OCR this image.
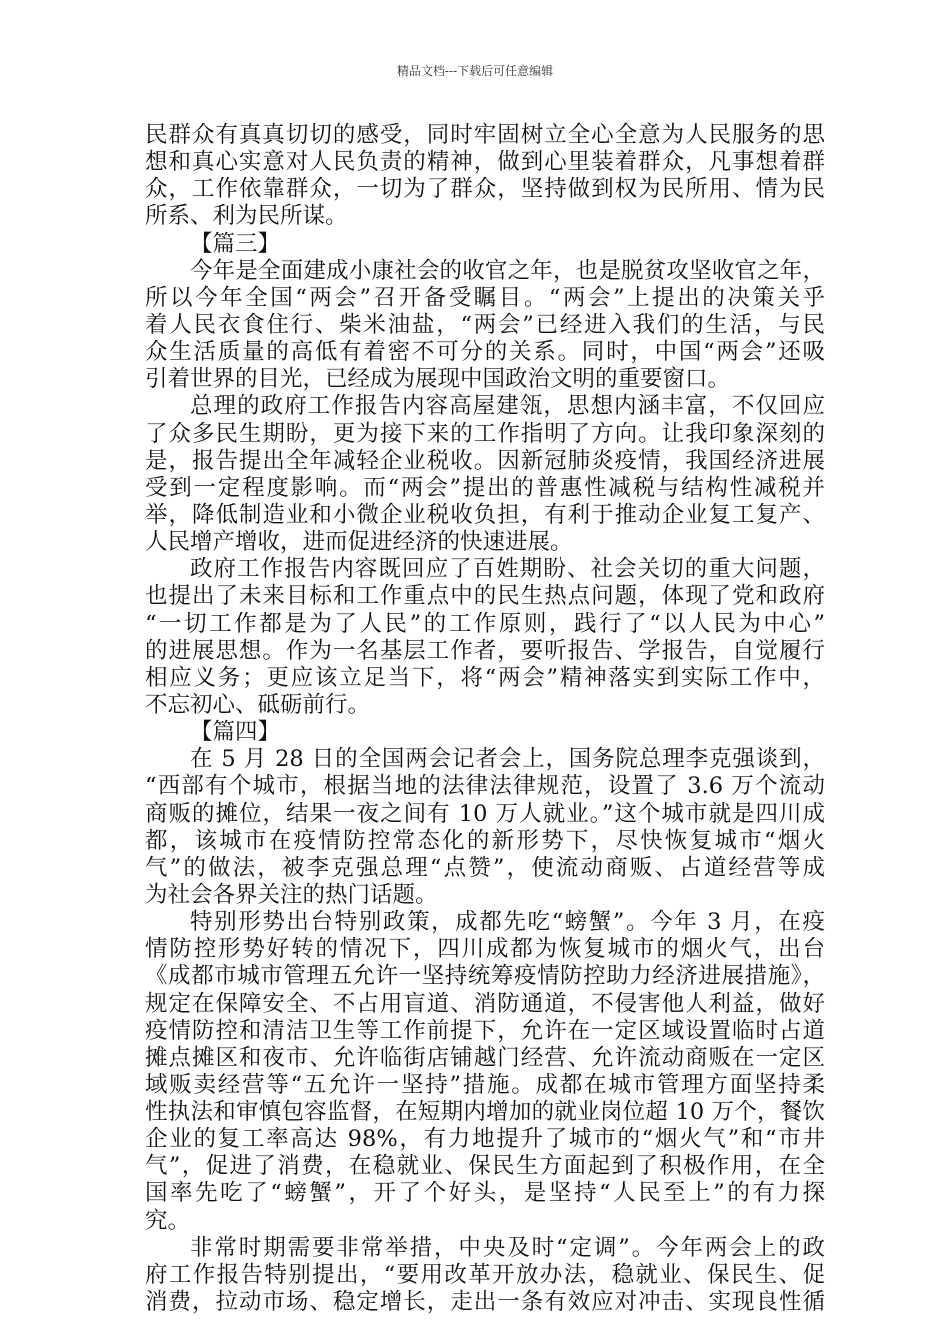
精品文档---下载后可任意编辑
民群众有真真切切的感受，同时牢固树立全心全意为人民服务的思
想和真心实意对人民负责的精神，做到心里装着群众，凡事想着群
众，工作依靠群众，一切为了群众，坚持做到权为民所用、情为民
所系、利为民所谋。
【篇三】
今年是全面建成小康社会的收官之年，也是脱贫攻坚收官之年，
所以今年全国“两会”召开备受瞩目。“两会”上提出的决策关乎
着人民衣食住行、柴米油盐，“两会”已经进入我们的生活，与民
众生活质量的高低有着密不可分的关系。同时，中国“两会”还吸
引着世界的目光，已经成为展现中国政治文明的重要窗口。
总理的政府工作报告内容高屋建瓴，思想内涵丰富，不仅回应
了众多民生期盼，更为接下来的工作指明了方向。让我印象深刻的
是，报告提出全年减轻企业税收。因新冠肺炎疫情，我国经济进展
受到一定程度影响。而“两会”提出的普惠性减税与结构性减税并
举，降低制造业和小微企业税收负担，有利于推动企业复工复产、
人民增产增收，进而促进经济的快速进展。
政府工作报告内容既回应了百姓期盼、社会关切的重大问题，
也提出了未来目标和工作重点中的民生热点问题，体现了党和政府
“一切工作都是为了人民”的工作原则，践行了“以人民为中心”
的进展思想。作为一名基层工作者，要听报告、学报告，自觉履行
相应义务；更应该立足当下，将“两会”精神落实到实际工作中，
不忘初心、砥砺前行。
【篇四】
在 5 月 28 日的全国两会记者会上，国务院总理李克强谈到，
“西部有个城市，根据当地的法律法律规范，设置了 3.6 万个流动
商贩的摊位，结果一夜之间有 10 万人就业。”这个城市就是四川成
都，该城市在疫情防控常态化的新形势下，尽快恢复城市“烟火
气”的做法，被李克强总理“点赞”，使流动商贩、占道经营等成
为社会各界关注的热门话题。
特别形势出台特别政策，成都先吃“螃蟹”。今年 3 月，在疫
情防控形势好转的情况下，四川成都为恢复城市的烟火气，出台
《成都市城市管理五允许一坚持统筹疫情防控助力经济进展措施》，
规定在保障安全、不占用盲道、消防通道，不侵害他人利益，做好
疫情防控和清洁卫生等工作前提下，允许在一定区域设置临时占道
摊点摊区和夜市、允许临街店铺越门经营、允许流动商贩在一定区
域贩卖经营等“五允许一坚持”措施。成都在城市管理方面坚持柔
性执法和审慎包容监督，在短期内增加的就业岗位超 10 万个，餐饮
企业的复工率高达 98%，有力地提升了城市的“烟火气”和“市井
气”，促进了消费，在稳就业、保民生方面起到了积极作用，在全
国率先吃了“螃蟹”，开了个好头，是坚持“人民至上”的有力探
究。
非常时期需要非常举措，中央及时“定调”。今年两会上的政
府工作报告特别提出，“要用改革开放办法，稳就业、保民生、促
消费，拉动市场、稳定增长，走出一条有效应对冲击、实现良性循
